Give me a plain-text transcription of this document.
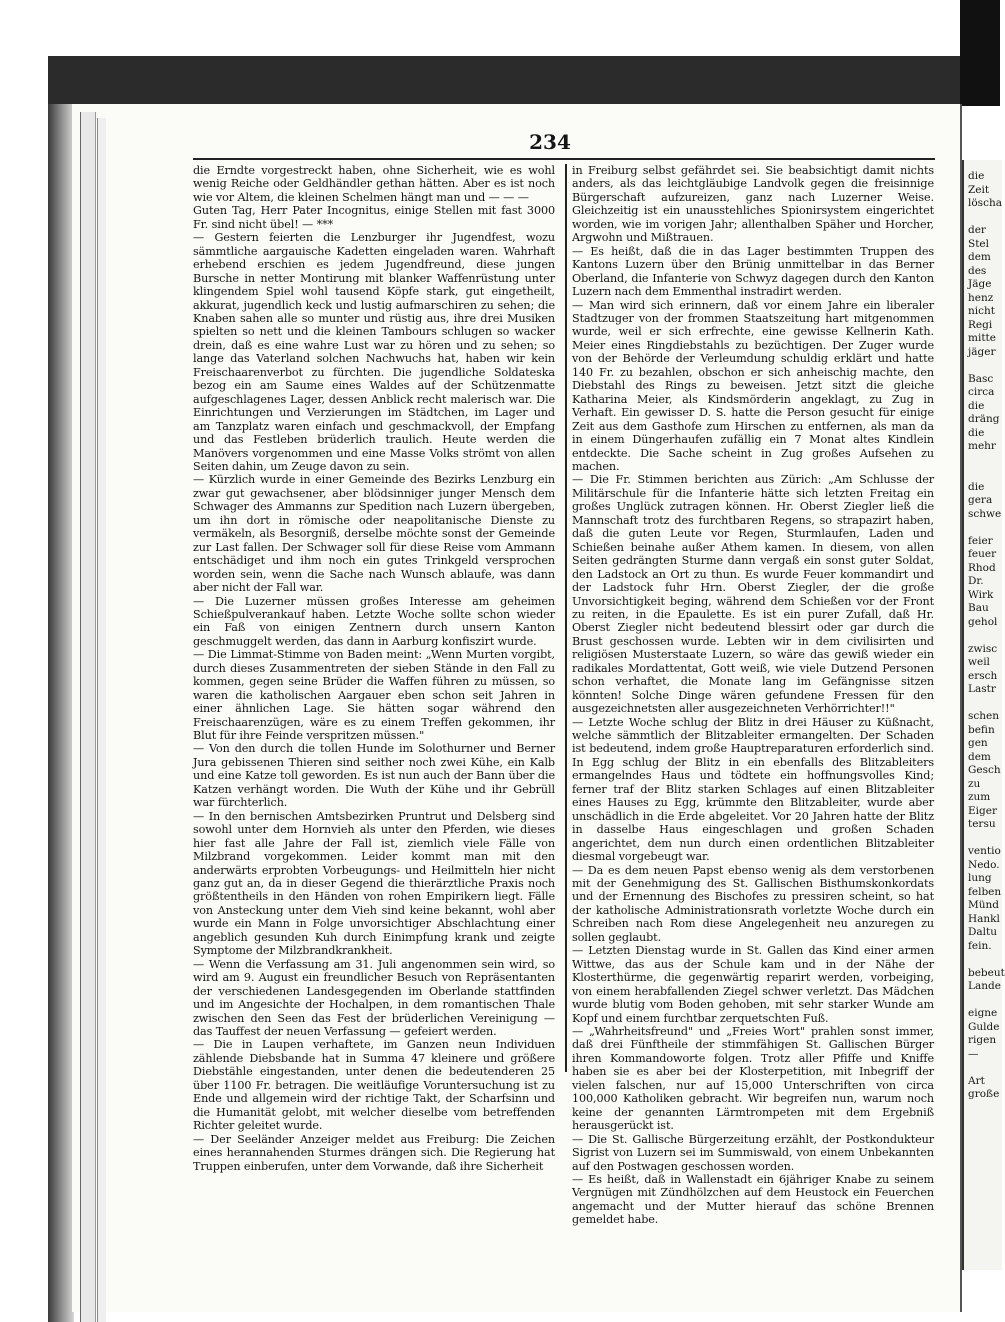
234

die Erndte vorgestreckt haben, ohne Sicherheit, wie es wohl wenig Reiche oder Geldhändler gethan hätten. Aber es ist noch wie vor Altem, die kleinen Schelmen hängt man und — — —

Guten Tag, Herr Pater Incognitus, einige Stellen mit fast 3000 Fr. sind nicht übel! — ***

— Gestern feierten die Lenzburger ihr Jugendfest, wozu sämmtliche aargauische Kadetten eingeladen waren. Wahrhaft erhebend erschien es jedem Jugendfreund, diese jungen Bursche in netter Montirung mit blanker Waffenrüstung unter klingendem Spiel wohl tausend Köpfe stark, gut eingetheilt, akkurat, jugendlich keck und lustig aufmarschiren zu sehen; die Knaben sahen alle so munter und rüstig aus, ihre drei Musiken spielten so nett und die kleinen Tambours schlugen so wacker drein, daß es eine wahre Lust war zu hören und zu sehen; so lange das Vaterland solchen Nachwuchs hat, haben wir kein Freischaarenverbot zu fürchten. Die jugendliche Soldateska bezog ein am Saume eines Waldes auf der Schützenmatte aufgeschlagenes Lager, dessen Anblick recht malerisch war. Die Einrichtungen und Verzierungen im Städtchen, im Lager und am Tanzplatz waren einfach und geschmackvoll, der Empfang und das Festleben brüderlich traulich. Heute werden die Manövers vorgenommen und eine Masse Volks strömt von allen Seiten dahin, um Zeuge davon zu sein.

— Kürzlich wurde in einer Gemeinde des Bezirks Lenzburg ein zwar gut gewachsener, aber blödsinniger junger Mensch dem Schwager des Ammanns zur Spedition nach Luzern übergeben, um ihn dort in römische oder neapolitanische Dienste zu vermäkeln, als Besorgniß, derselbe möchte sonst der Gemeinde zur Last fallen. Der Schwager soll für diese Reise vom Ammann entschädiget und ihm noch ein gutes Trinkgeld versprochen worden sein, wenn die Sache nach Wunsch ablaufe, was dann aber nicht der Fall war.

— Die Luzerner müssen großes Interesse am geheimen Schießpulverankauf haben. Letzte Woche sollte schon wieder ein Faß von einigen Zentnern durch unsern Kanton geschmuggelt werden, das dann in Aarburg konfiszirt wurde.

— Die Limmat-Stimme von Baden meint: „Wenn Murten vorgibt, durch dieses Zusammentreten der sieben Stände in den Fall zu kommen, gegen seine Brüder die Waffen führen zu müssen, so waren die katholischen Aargauer eben schon seit Jahren in einer ähnlichen Lage. Sie hätten sogar während den Freischaarenzügen, wäre es zu einem Treffen gekommen, ihr Blut für ihre Feinde verspritzen müssen."

— Von den durch die tollen Hunde im Solothurner und Berner Jura gebissenen Thieren sind seither noch zwei Kühe, ein Kalb und eine Katze toll geworden. Es ist nun auch der Bann über die Katzen verhängt worden. Die Wuth der Kühe und ihr Gebrüll war fürchterlich.

— In den bernischen Amtsbezirken Pruntrut und Delsberg sind sowohl unter dem Hornvieh als unter den Pferden, wie dieses hier fast alle Jahre der Fall ist, ziemlich viele Fälle von Milzbrand vorgekommen. Leider kommt man mit den anderwärts erprobten Vorbeugungs- und Heilmitteln hier nicht ganz gut an, da in dieser Gegend die thierärztliche Praxis noch größtentheils in den Händen von rohen Empirikern liegt. Fälle von Ansteckung unter dem Vieh sind keine bekannt, wohl aber wurde ein Mann in Folge unvorsichtiger Abschlachtung einer angeblich gesunden Kuh durch Einimpfung krank und zeigte Symptome der Milzbrandkrankheit.

— Wenn die Verfassung am 31. Juli angenommen sein wird, so wird am 9. August ein freundlicher Besuch von Repräsentanten der verschiedenen Landesgegenden im Oberlande stattfinden und im Angesichte der Hochalpen, in dem romantischen Thale zwischen den Seen das Fest der brüderlichen Vereinigung — das Tauffest der neuen Verfassung — gefeiert werden.

— Die in Laupen verhaftete, im Ganzen neun Individuen zählende Diebsbande hat in Summa 47 kleinere und größere Diebstähle eingestanden, unter denen die bedeutenderen 25 über 1100 Fr. betragen. Die weitläufige Voruntersuchung ist zu Ende und allgemein wird der richtige Takt, der Scharfsinn und die Humanität gelobt, mit welcher dieselbe vom betreffenden Richter geleitet wurde.

— Der Seeländer Anzeiger meldet aus Freiburg: Die Zeichen eines herannahenden Sturmes drängen sich. Die Regierung hat Truppen einberufen, unter dem Vorwande, daß ihre Sicherheit

in Freiburg selbst gefährdet sei. Sie beabsichtigt damit nichts anders, als das leichtgläubige Landvolk gegen die freisinnige Bürgerschaft aufzureizen, ganz nach Luzerner Weise. Gleichzeitig ist ein unausstehliches Spionirsystem eingerichtet worden, wie im vorigen Jahr; allenthalben Späher und Horcher, Argwohn und Mißtrauen.

— Es heißt, daß die in das Lager bestimmten Truppen des Kantons Luzern über den Brünig unmittelbar in das Berner Oberland, die Infanterie von Schwyz dagegen durch den Kanton Luzern nach dem Emmenthal instradirt werden.

— Man wird sich erinnern, daß vor einem Jahre ein liberaler Stadtzuger von der frommen Staatszeitung hart mitgenommen wurde, weil er sich erfrechte, eine gewisse Kellnerin Kath. Meier eines Ringdiebstahls zu bezüchtigen. Der Zuger wurde von der Behörde der Verleumdung schuldig erklärt und hatte 140 Fr. zu bezahlen, obschon er sich anheischig machte, den Diebstahl des Rings zu beweisen. Jetzt sitzt die gleiche Katharina Meier, als Kindsmörderin angeklagt, zu Zug in Verhaft. Ein gewisser D. S. hatte die Person gesucht für einige Zeit aus dem Gasthofe zum Hirschen zu entfernen, als man da in einem Düngerhaufen zufällig ein 7 Monat altes Kindlein entdeckte. Die Sache scheint in Zug großes Aufsehen zu machen.

— Die Fr. Stimmen berichten aus Zürich: „Am Schlusse der Militärschule für die Infanterie hätte sich letzten Freitag ein großes Unglück zutragen können. Hr. Oberst Ziegler ließ die Mannschaft trotz des furchtbaren Regens, so strapazirt haben, daß die guten Leute vor Regen, Sturmlaufen, Laden und Schießen beinahe außer Athem kamen. In diesem, von allen Seiten gedrängten Sturme dann vergaß ein sonst guter Soldat, den Ladstock an Ort zu thun. Es wurde Feuer kommandirt und der Ladstock fuhr Hrn. Oberst Ziegler, der die große Unvorsichtigkeit beging, während dem Schießen vor der Front zu reiten, in die Epaulette. Es ist ein purer Zufall, daß Hr. Oberst Ziegler nicht bedeutend blessirt oder gar durch die Brust geschossen wurde. Lebten wir in dem civilisirten und religiösen Musterstaate Luzern, so wäre das gewiß wieder ein radikales Mordattentat, Gott weiß, wie viele Dutzend Personen schon verhaftet, die Monate lang im Gefängnisse sitzen könnten! Solche Dinge wären gefundene Fressen für den ausgezeichnetsten aller ausgezeichneten Verhörrichter!!"

— Letzte Woche schlug der Blitz in drei Häuser zu Küßnacht, welche sämmtlich der Blitzableiter ermangelten. Der Schaden ist bedeutend, indem große Hauptreparaturen erforderlich sind. In Egg schlug der Blitz in ein ebenfalls des Blitzableiters ermangelndes Haus und tödtete ein hoffnungsvolles Kind; ferner traf der Blitz starken Schlages auf einen Blitzableiter eines Hauses zu Egg, krümmte den Blitzableiter, wurde aber unschädlich in die Erde abgeleitet. Vor 20 Jahren hatte der Blitz in dasselbe Haus eingeschlagen und großen Schaden angerichtet, dem nun durch einen ordentlichen Blitzableiter diesmal vorgebeugt war.

— Da es dem neuen Papst ebenso wenig als dem verstorbenen mit der Genehmigung des St. Gallischen Bisthumskonkordats und der Ernennung des Bischofes zu pressiren scheint, so hat der katholische Administrationsrath vorletzte Woche durch ein Schreiben nach Rom diese Angelegenheit neu anzuregen zu sollen geglaubt.

— Letzten Dienstag wurde in St. Gallen das Kind einer armen Wittwe, das aus der Schule kam und in der Nähe der Klosterthürme, die gegenwärtig reparirt werden, vorbeiging, von einem herabfallenden Ziegel schwer verletzt. Das Mädchen wurde blutig vom Boden gehoben, mit sehr starker Wunde am Kopf und einem furchtbar zerquetschten Fuß.

— „Wahrheitsfreund" und „Freies Wort" prahlen sonst immer, daß drei Fünftheile der stimmfähigen St. Gallischen Bürger ihren Kommandoworte folgen. Trotz aller Pfiffe und Kniffe haben sie es aber bei der Klosterpetition, mit Inbegriff der vielen falschen, nur auf 15,000 Unterschriften von circa 100,000 Katholiken gebracht. Wir begreifen nun, warum noch keine der genannten Lärmtrompeten mit dem Ergebniß herausgerückt ist.

— Die St. Gallische Bürgerzeitung erzählt, der Postkondukteur Sigrist von Luzern sei im Summiswald, von einem Unbekannten auf den Postwagen geschossen worden.

— Es heißt, daß in Wallenstadt ein 6jähriger Knabe zu seinem Vergnügen mit Zündhölzchen auf dem Heustock ein Feuerchen angemacht und der Mutter hierauf das schöne Brennen gemeldet habe.

die
Zeit
löscha
der
Stel
dem
des
Jäge
henz
nicht
Regi
mitte
jäger
Basc
circa
die
dräng
die
mehr
die
gera
schwe
feier
feuer
Rhod
Dr.
Wirk
Bau
gehol
zwisc
weil
ersch
Lastr
schen
befin
gen
dem
Gesch
zu
zum
Eiger
tersu
ventio
Nedo.
lung
felben
Münd
Hankl
Daltu
fein.
bebeut
Lande
eigne
Gulde
rigen
—
Art
große
